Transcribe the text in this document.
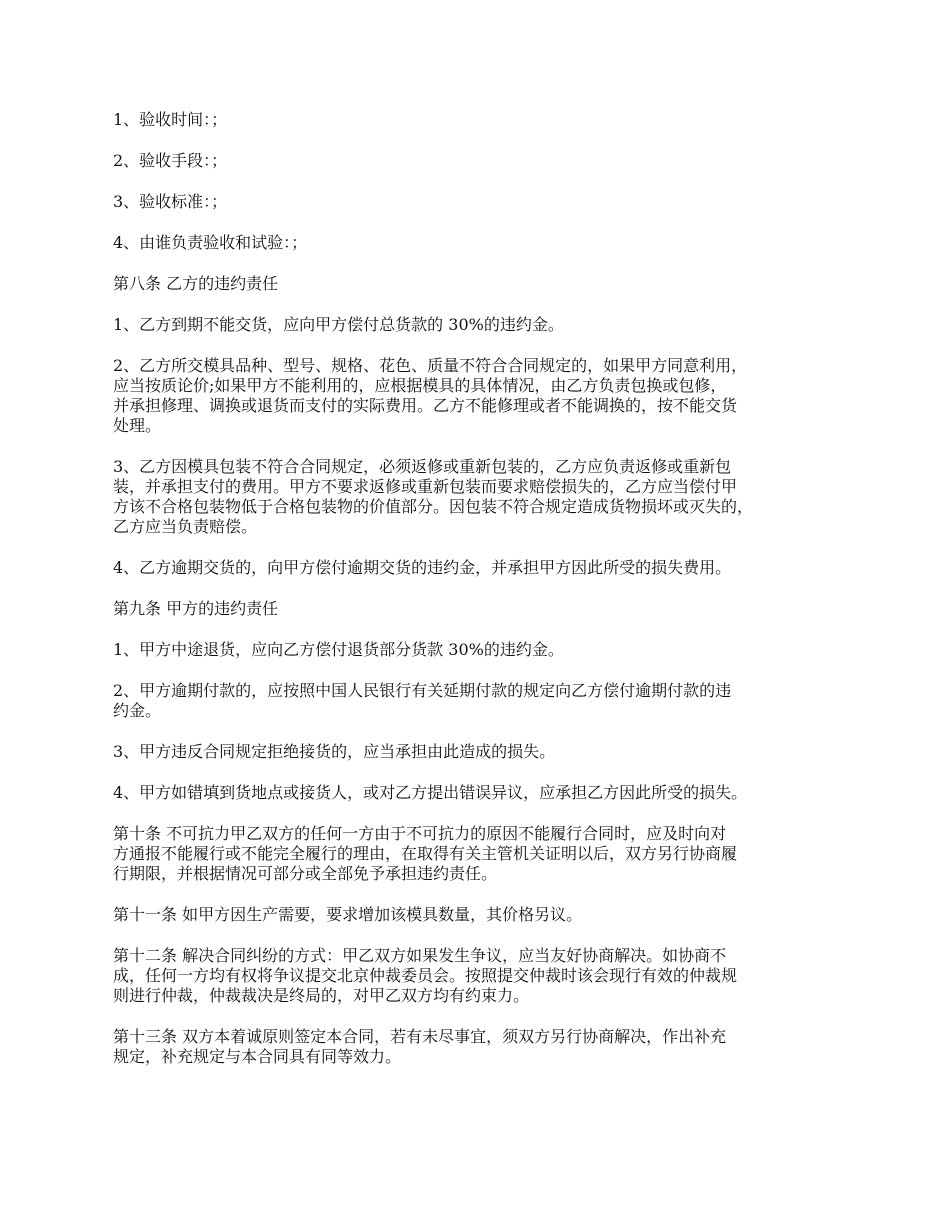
1、验收时间：；

2、验收手段：；

3、验收标准：；

4、由谁负责验收和试验：；

第八条 乙方的违约责任

1、乙方到期不能交货，应向甲方偿付总货款的 30%的违约金。

2、乙方所交模具品种、型号、规格、花色、质量不符合合同规定的，如果甲方同意利用，
应当按质论价;如果甲方不能利用的，应根据模具的具体情况，由乙方负责包换或包修，
并承担修理、调换或退货而支付的实际费用。乙方不能修理或者不能调换的，按不能交货
处理。

3、乙方因模具包装不符合合同规定，必须返修或重新包装的，乙方应负责返修或重新包
装，并承担支付的费用。甲方不要求返修或重新包装而要求赔偿损失的，乙方应当偿付甲
方该不合格包装物低于合格包装物的价值部分。因包装不符合规定造成货物损坏或灭失的，
乙方应当负责赔偿。

4、乙方逾期交货的，向甲方偿付逾期交货的违约金，并承担甲方因此所受的损失费用。

第九条 甲方的违约责任

1、甲方中途退货，应向乙方偿付退货部分货款 30%的违约金。

2、甲方逾期付款的，应按照中国人民银行有关延期付款的规定向乙方偿付逾期付款的违
约金。

3、甲方违反合同规定拒绝接货的，应当承担由此造成的损失。

4、甲方如错填到货地点或接货人，或对乙方提出错误异议，应承担乙方因此所受的损失。

第十条 不可抗力甲乙双方的任何一方由于不可抗力的原因不能履行合同时，应及时向对
方通报不能履行或不能完全履行的理由，在取得有关主管机关证明以后，双方另行协商履
行期限，并根据情况可部分或全部免予承担违约责任。

第十一条 如甲方因生产需要，要求增加该模具数量，其价格另议。

第十二条 解决合同纠纷的方式：甲乙双方如果发生争议，应当友好协商解决。如协商不
成，任何一方均有权将争议提交北京仲裁委员会。按照提交仲裁时该会现行有效的仲裁规
则进行仲裁，仲裁裁决是终局的，对甲乙双方均有约束力。

第十三条 双方本着诚原则签定本合同，若有未尽事宜，须双方另行协商解决，作出补充
规定，补充规定与本合同具有同等效力。
